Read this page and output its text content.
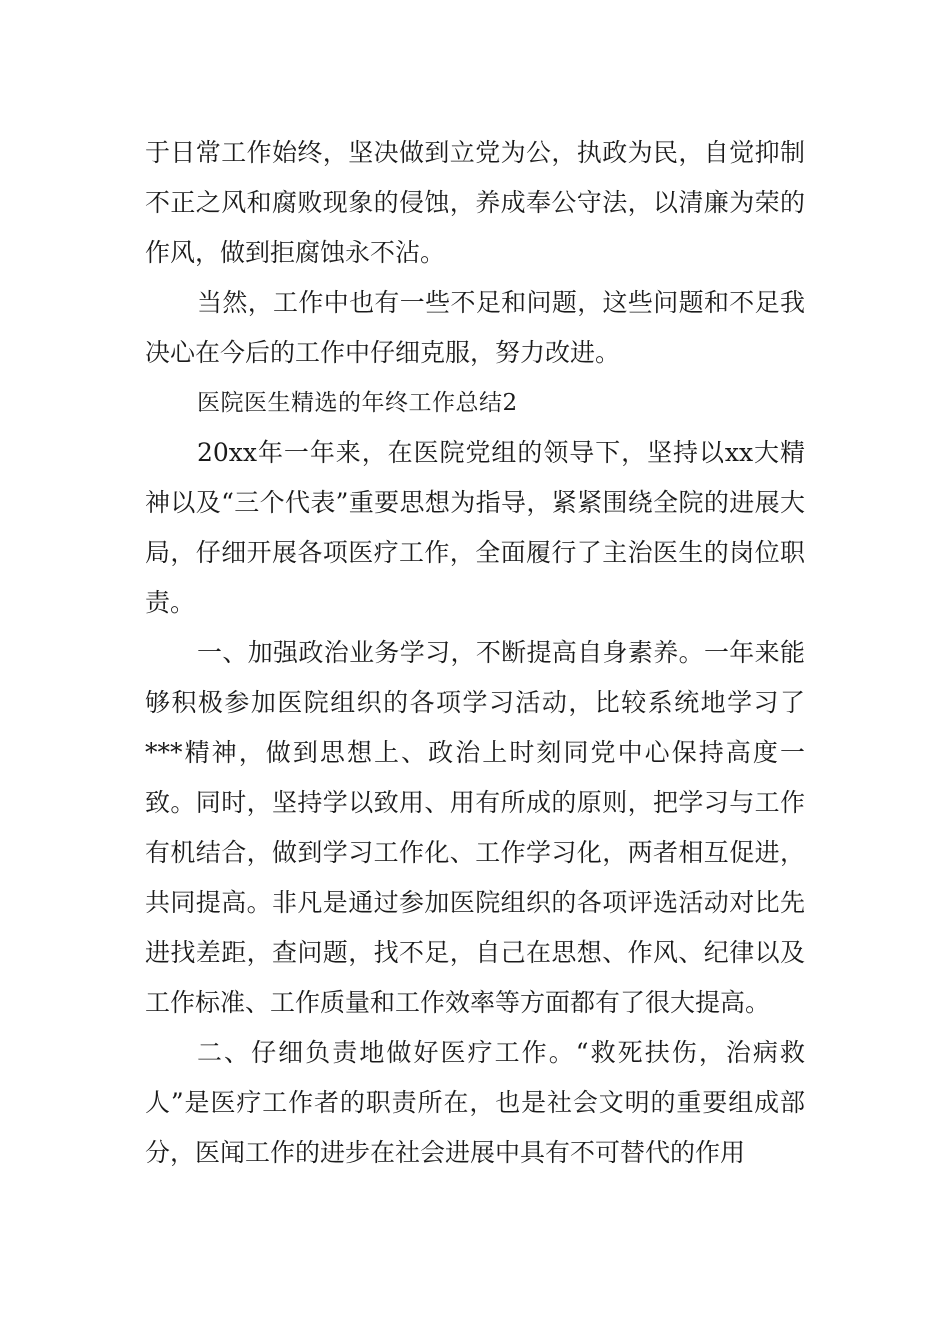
于日常工作始终，坚决做到立党为公，执政为民，自觉抑制不正之风和腐败现象的侵蚀，养成奉公守法，以清廉为荣的作风，做到拒腐蚀永不沾。

当然，工作中也有一些不足和问题，这些问题和不足我决心在今后的工作中仔细克服，努力改进。

医院医生精选的年终工作总结2

20xx年一年来，在医院党组的领导下，坚持以xx大精神以及“三个代表”重要思想为指导，紧紧围绕全院的进展大局，仔细开展各项医疗工作，全面履行了主治医生的岗位职责。

一、加强政治业务学习，不断提高自身素养。一年来能够积极参加医院组织的各项学习活动，比较系统地学习了***精神，做到思想上、政治上时刻同党中心保持高度一致。同时，坚持学以致用、用有所成的原则，把学习与工作有机结合，做到学习工作化、工作学习化，两者相互促进，共同提高。非凡是通过参加医院组织的各项评选活动对比先进找差距，查问题，找不足，自己在思想、作风、纪律以及工作标准、工作质量和工作效率等方面都有了很大提高。

二、仔细负责地做好医疗工作。“救死扶伤，治病救人”是医疗工作者的职责所在，也是社会文明的重要组成部分，医闻工作的进步在社会进展中具有不可替代的作用
